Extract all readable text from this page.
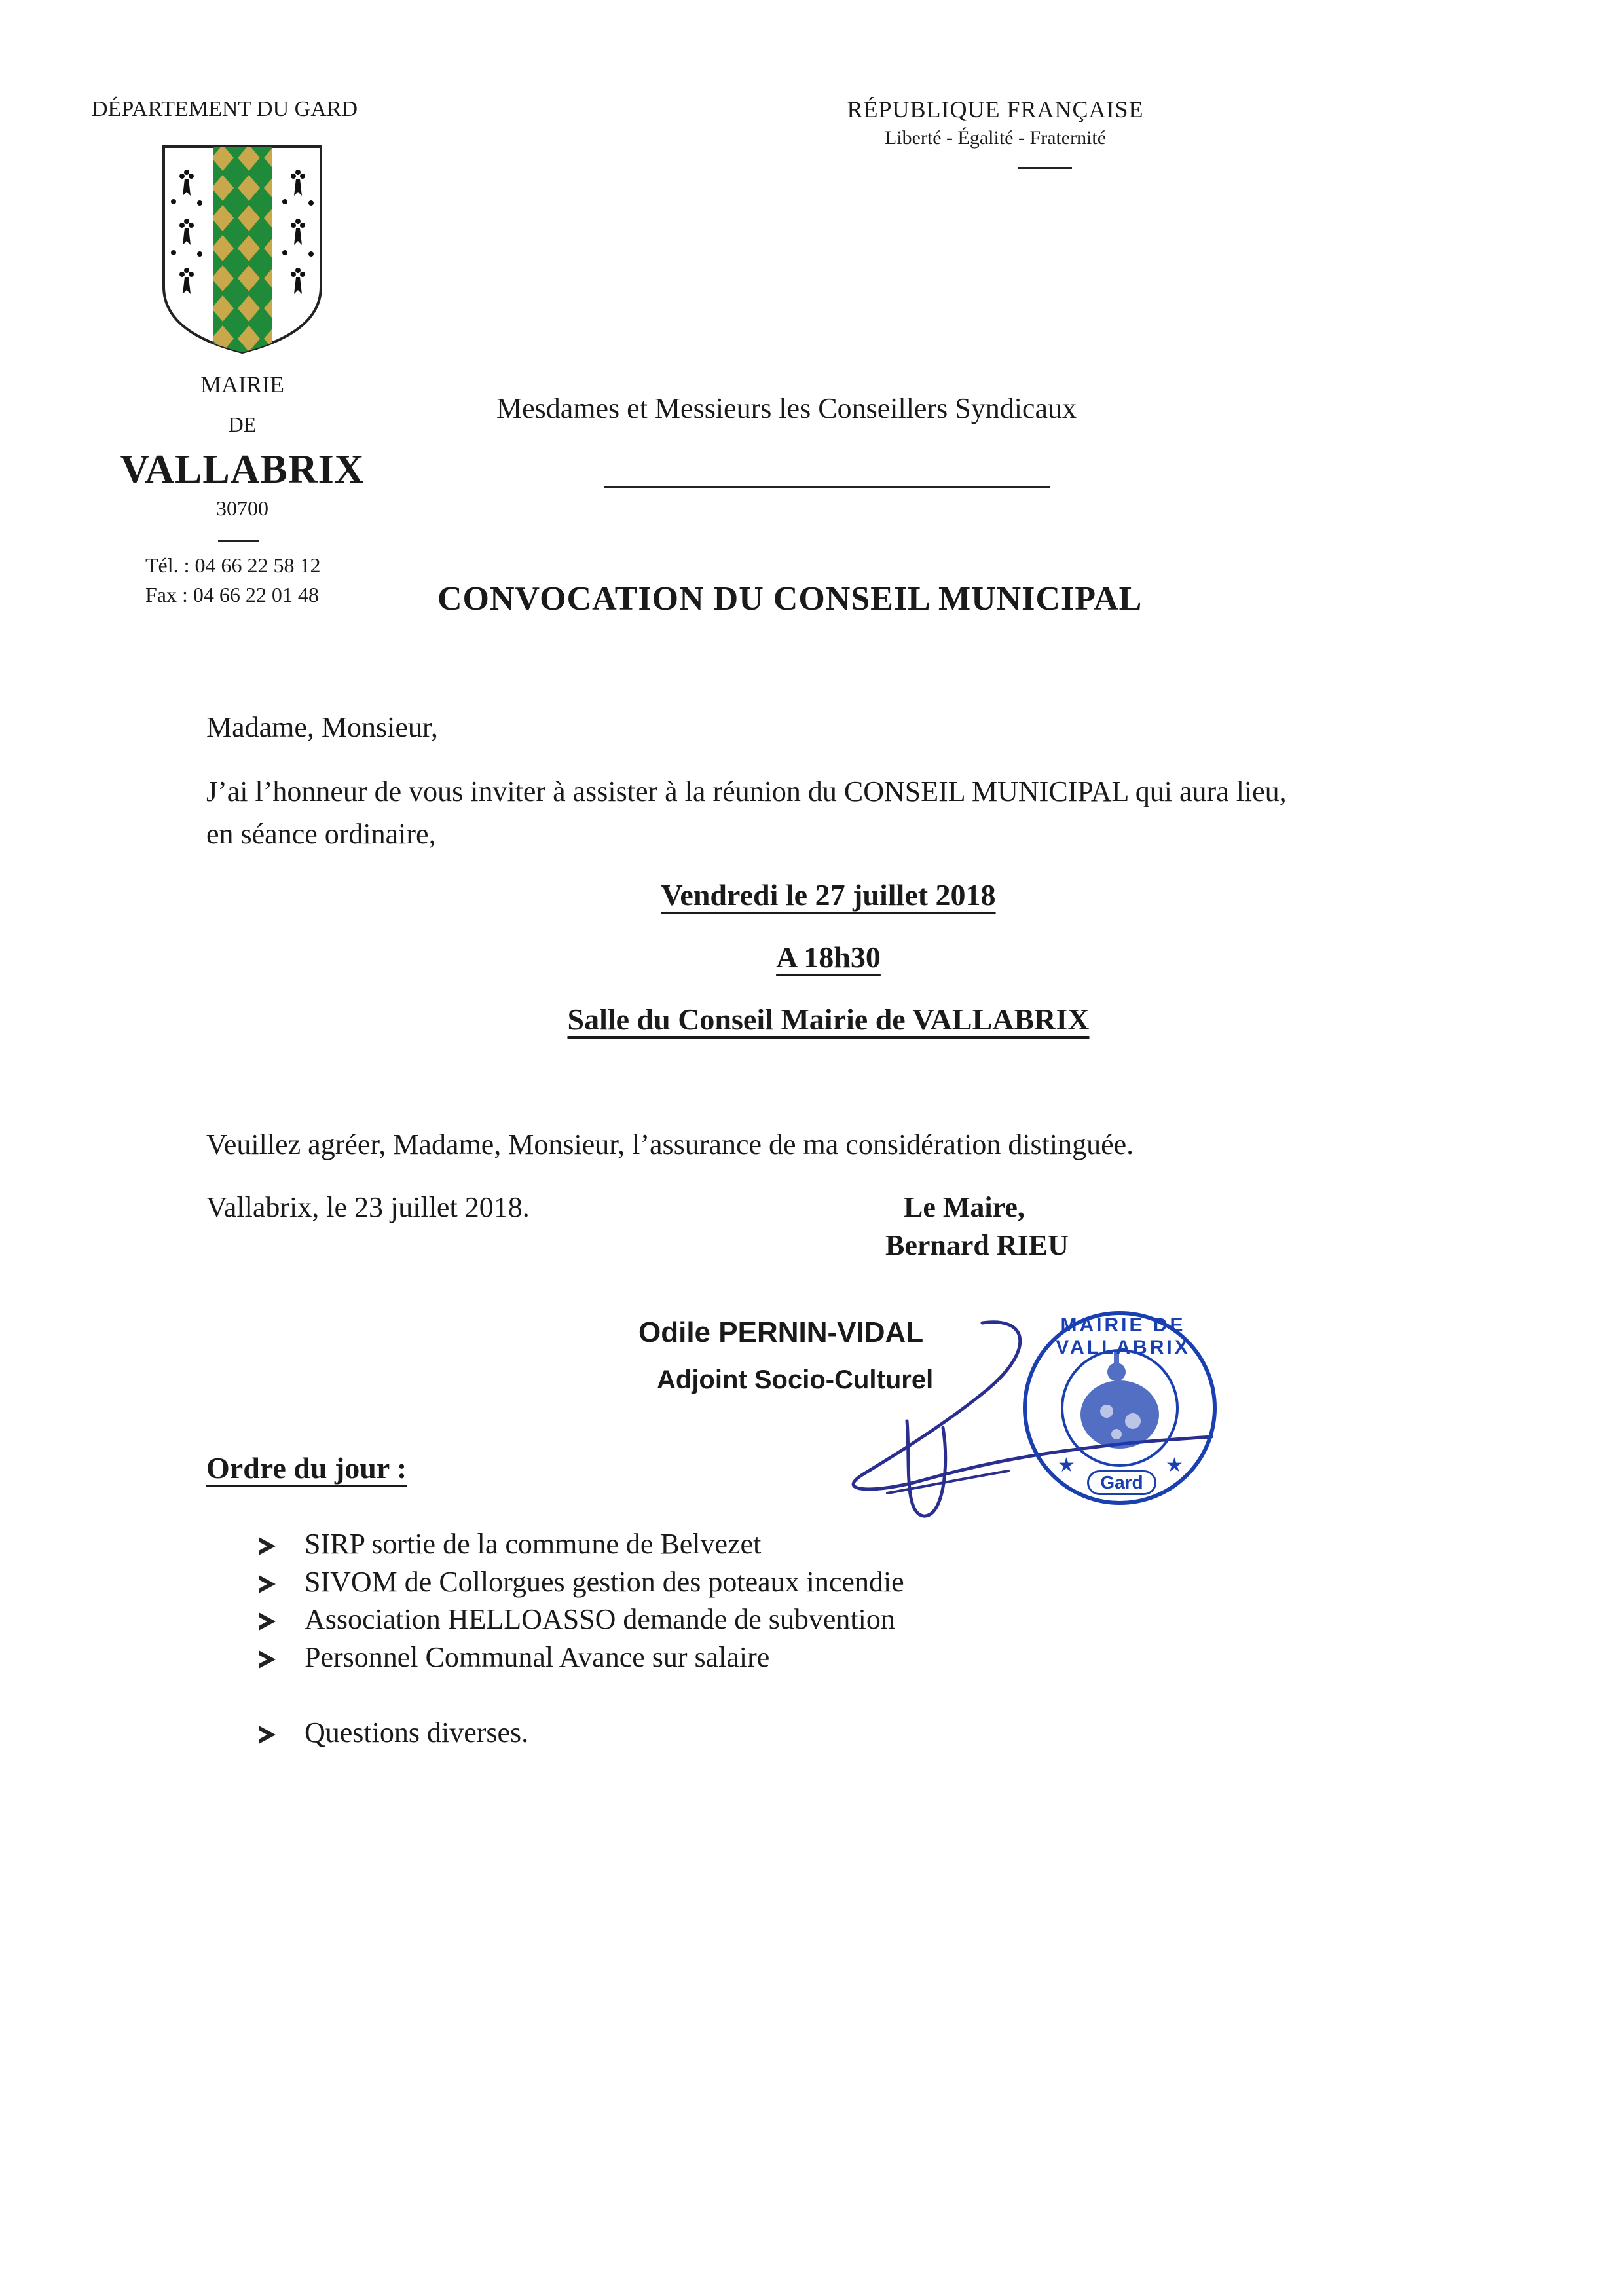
DÉPARTEMENT DU GARD	RÉPUBLIQUE FRANÇAISE
Liberté - Égalité - Fraternité
MAIRIE
DE
VALLABRIX
30700
Tél. : 04 66 22 58 12
Fax : 04 66 22 01 48
Mesdames et Messieurs les Conseillers Syndicaux
CONVOCATION DU CONSEIL MUNICIPAL
Madame, Monsieur,
J’ai l’honneur de vous inviter à assister à la réunion du CONSEIL MUNICIPAL qui aura lieu,
en séance ordinaire,
Vendredi le 27 juillet 2018
A 18h30
Salle du Conseil Mairie de VALLABRIX
Veuillez agréer, Madame, Monsieur, l’assurance de ma considération distinguée.
Vallabrix, le 23 juillet 2018.	Le Maire,
Bernard RIEU
Odile PERNIN-VIDAL
Adjoint Socio-Culturel
★	★
MAIRIE DE VALLABRIX
Gard
Ordre du jour :
SIRP sortie de la commune de Belvezet
SIVOM de Collorgues gestion des poteaux incendie
Association HELLOASSO demande de subvention
Personnel Communal Avance sur salaire
Questions diverses.
